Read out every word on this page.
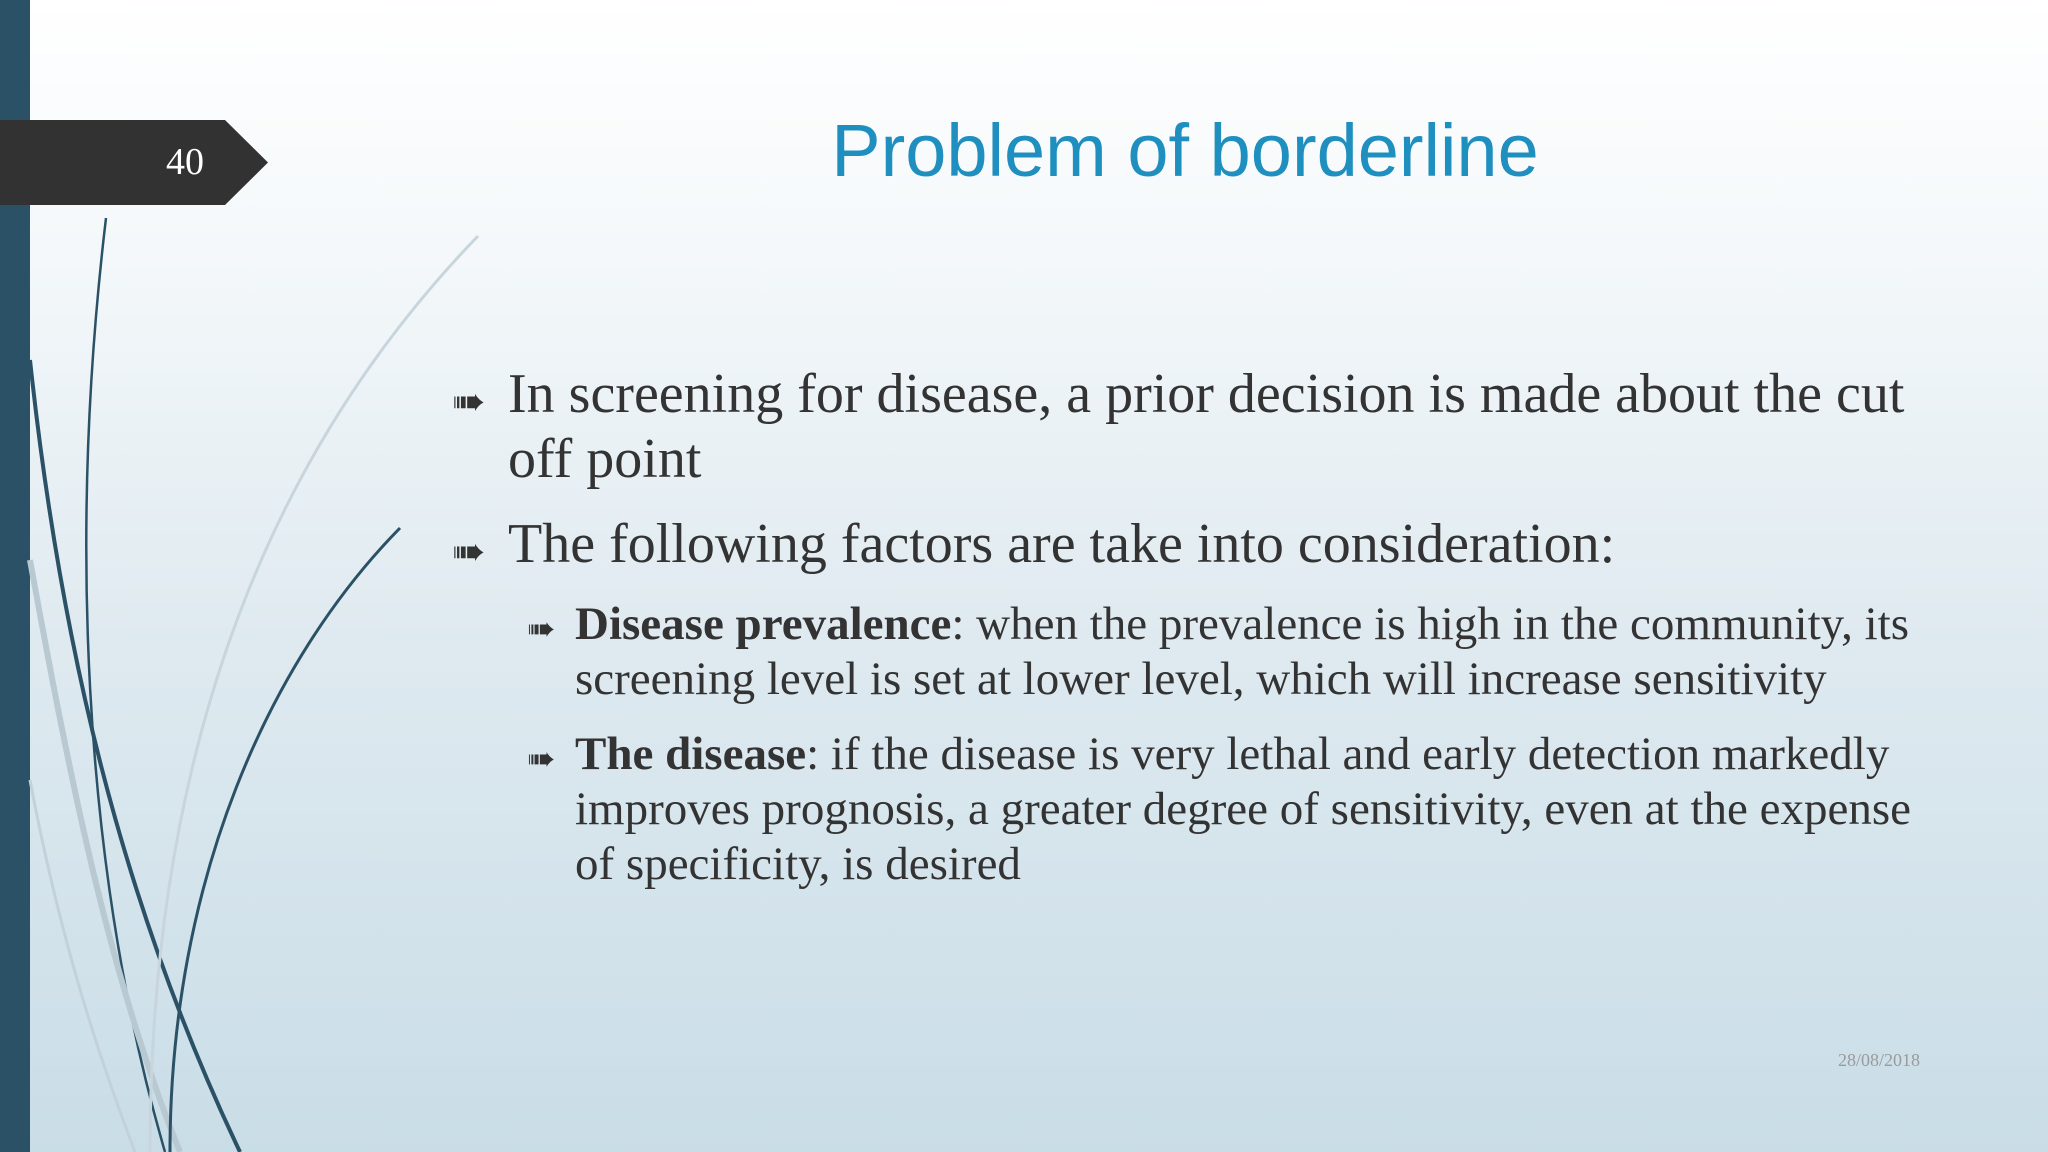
40	Problem of borderline
➠ In screening for disease, a prior decision is made about the cut off point
➠ The following factors are take into consideration:
➠ Disease prevalence: when the prevalence is high in the community, its screening level is set at lower level, which will increase sensitivity
➠ The disease: if the disease is very lethal and early detection markedly improves prognosis, a greater degree of sensitivity, even at the expense of specificity, is desired
28/08/2018
